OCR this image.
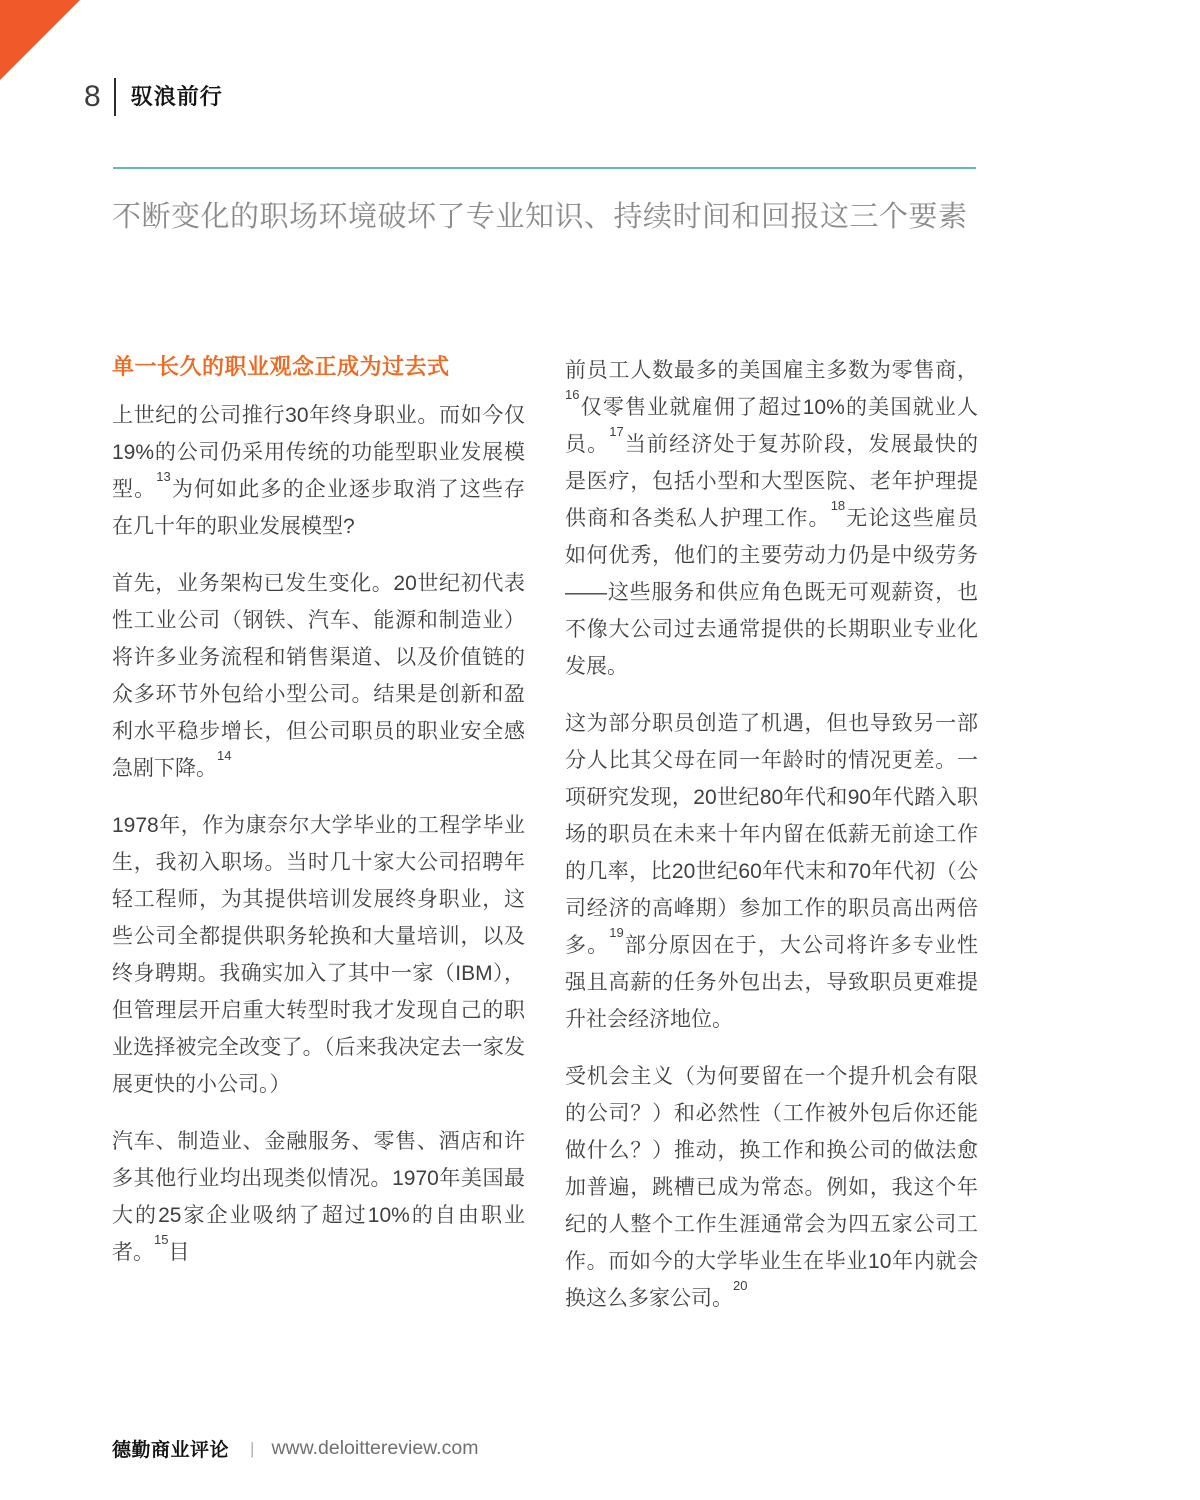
8 驭浪前行
不断变化的职场环境破坏了专业知识、持续时间和回报这三个要素
单一长久的职业观念正成为过去式

上世纪的公司推行30年终身职业。而如今仅19%的公司仍采用传统的功能型职业发展模型。$^{13}$为何如此多的企业逐步取消了这些存在几十年的职业发展模型?

首先，业务架构已发生变化。20世纪初代表性工业公司（钢铁、汽车、能源和制造业）将许多业务流程和销售渠道、以及价值链的众多环节外包给小型公司。结果是创新和盈利水平稳步增长，但公司职员的职业安全感急剧下降。$^{14}$

1978年，作为康奈尔大学毕业的工程学毕业生，我初入职场。当时几十家大公司招聘年轻工程师，为其提供培训发展终身职业，这些公司全都提供职务轮换和大量培训，以及终身聘期。我确实加入了其中一家（IBM），但管理层开启重大转型时我才发现自己的职业选择被完全改变了。（后来我决定去一家发展更快的小公司。）

汽车、制造业、金融服务、零售、酒店和许多其他行业均出现类似情况。1970年美国最大的25家企业吸纳了超过10%的自由职业者。$^{15}$目

前员工人数最多的美国雇主多数为零售商，$^{16}$仅零售业就雇佣了超过10%的美国就业人员。$^{17}$当前经济处于复苏阶段，发展最快的是医疗，包括小型和大型医院、老年护理提供商和各类私人护理工作。$^{18}$无论这些雇员如何优秀，他们的主要劳动力仍是中级劳务——这些服务和供应角色既无可观薪资，也不像大公司过去通常提供的长期职业专业化发展。

这为部分职员创造了机遇，但也导致另一部分人比其父母在同一年龄时的情况更差。一项研究发现，20世纪80年代和90年代踏入职场的职员在未来十年内留在低薪无前途工作的几率，比20世纪60年代末和70年代初（公司经济的高峰期）参加工作的职员高出两倍多。$^{19}$部分原因在于，大公司将许多专业性强且高薪的任务外包出去，导致职员更难提升社会经济地位。

受机会主义（为何要留在一个提升机会有限的公司？）和必然性（工作被外包后你还能做什么？）推动，换工作和换公司的做法愈加普遍，跳槽已成为常态。例如，我这个年纪的人整个工作生涯通常会为四五家公司工作。而如今的大学毕业生在毕业10年内就会换这么多家公司。$^{20}$

德勤商业评论 | www.deloittereview.com
